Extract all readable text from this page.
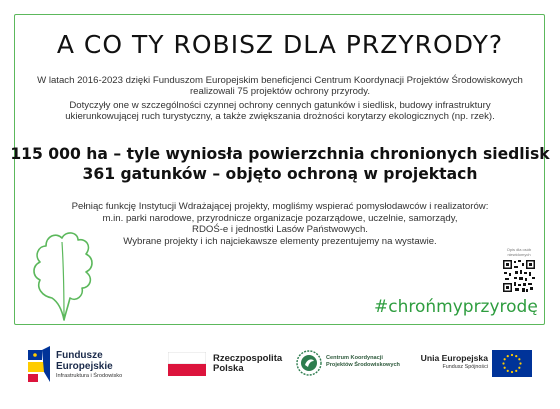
A CO TY ROBISZ DLA PRZYRODY?

W latach 2016-2023 dzięki Funduszom Europejskim beneficjenci Centrum Koordynacji Projektów Środowiskowych

realizowali 75 projektów ochrony przyrody.

Dotyczyły one w szczególności czynnej ochrony cennych gatunków i siedlisk, budowy infrastruktury

ukierunkowującej ruch turystyczny, a także zwiększania drożności korytarzy ekologicznych (np. rzek).

115 000 ha – tyle wyniosła powierzchnia chronionych siedlisk

361 gatunków – objęto ochroną w projektach

Pełniąc funkcję Instytucji Wdrażającej projekty, mogliśmy wspierać pomysłodawców i realizatorów:

m.in. parki narodowe, przyrodnicze organizacje pozarządowe, uczelnie, samorządy,

RDOŚ-e i jednostki Lasów Państwowych.

Wybrane projekty i ich najciekawsze elementy prezentujemy na wystawie.

Opis dla osób
niewidomych
#chrońmyprzyrodę
Fundusze
Europejskie
Infrastruktura i Środowisko
Rzeczpospolita
Polska
Centrum Koordynacji
Projektów Środowiskowych
Unia Europejska
Fundusz Spójności
